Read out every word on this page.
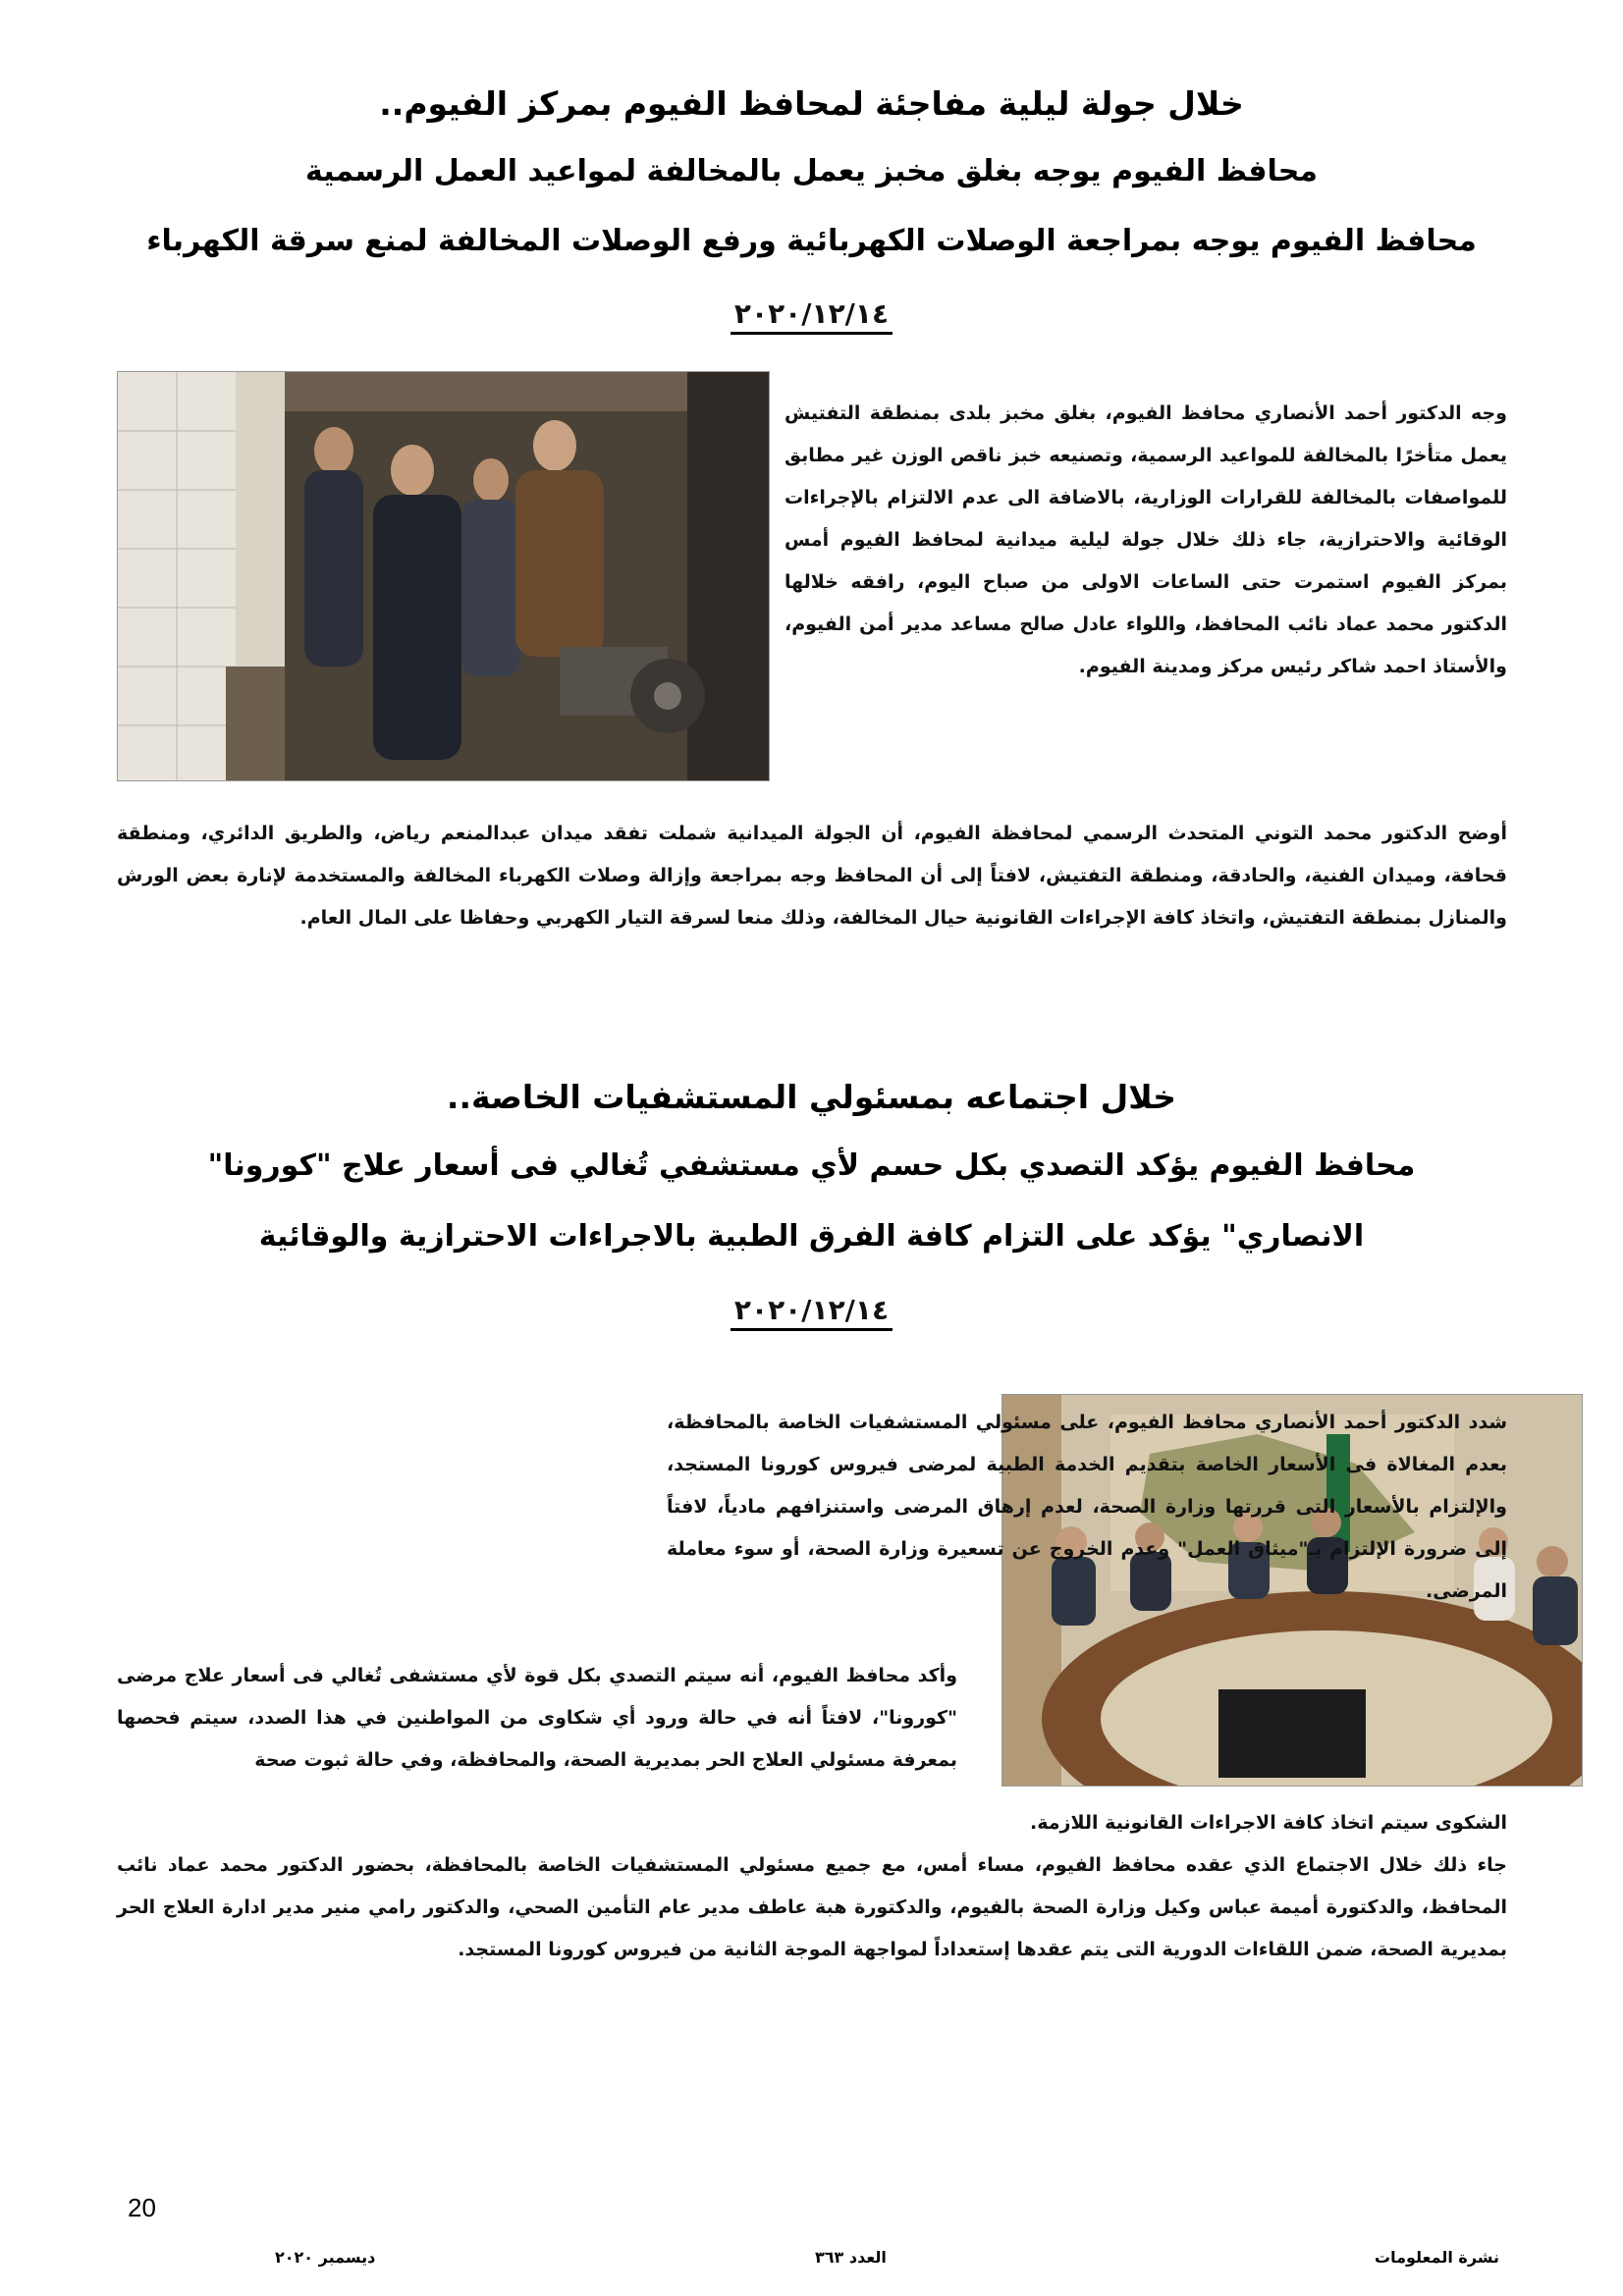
خلال جولة ليلية مفاجئة لمحافظ الفيوم بمركز الفيوم..
محافظ الفيوم يوجه بغلق مخبز يعمل بالمخالفة لمواعيد العمل الرسمية
محافظ الفيوم يوجه بمراجعة الوصلات الكهربائية ورفع الوصلات المخالفة لمنع سرقة الكهرباء
٢٠٢٠/١٢/١٤
وجه الدكتور أحمد الأنصاري محافظ الفيوم، بغلق مخبز بلدى بمنطقة التفتيش يعمل متأخرًا بالمخالفة للمواعيد الرسمية، وتصنيعه خبز ناقص الوزن غير مطابق للمواصفات بالمخالفة للقرارات الوزارية، بالاضافة الى عدم الالتزام بالإجراءات الوقائية والاحترازية، جاء ذلك خلال جولة ليلية ميدانية لمحافظ الفيوم أمس بمركز الفيوم استمرت حتى الساعات الاولى من صباح اليوم، رافقه خلالها الدكتور محمد عماد نائب المحافظ، واللواء عادل صالح مساعد مدير أمن الفيوم، والأستاذ احمد شاكر رئيس مركز ومدينة الفيوم.
أوضح الدكتور محمد التوني المتحدث الرسمي لمحافظة الفيوم، أن الجولة الميدانية شملت تفقد ميدان عبدالمنعم رياض، والطريق الدائري، ومنطقة قحافة، وميدان الفنية، والحادقة، ومنطقة التفتيش، لافتاً إلى أن المحافظ وجه بمراجعة وإزالة وصلات الكهرباء المخالفة والمستخدمة لإنارة بعض الورش والمنازل بمنطقة التفتيش، واتخاذ كافة الإجراءات القانونية حيال المخالفة، وذلك منعا لسرقة التيار الكهربي وحفاظا على المال العام.
خلال اجتماعه بمسئولي المستشفيات الخاصة..
محافظ الفيوم يؤكد التصدي بكل حسم لأي مستشفي تُغالي فى أسعار علاج "كورونا"
الانصاري" يؤكد على التزام كافة الفرق الطبية بالاجراءات الاحترازية والوقائية
٢٠٢٠/١٢/١٤
شدد الدكتور أحمد الأنصاري محافظ الفيوم، على مسئولي المستشفيات الخاصة بالمحافظة، بعدم المغالاة فى الأسعار الخاصة بتقديم الخدمة الطبية لمرضى فيروس كورونا المستجد، والإلتزام بالأسعار التى قررتها وزارة الصحة، لعدم إرهاق المرضى واستنزافهم مادياً، لافتاً إلى ضرورة الإلتزام بـ"ميثاق العمل" وعدم الخروج عن تسعيرة وزارة الصحة، أو سوء معاملة المرضى.
وأكد محافظ الفيوم، أنه سيتم التصدي بكل قوة لأي مستشفى تُغالي فى أسعار علاج مرضى "كورونا"، لافتاً أنه في حالة ورود أي شكاوى من المواطنين في هذا الصدد، سيتم فحصها بمعرفة مسئولي العلاج الحر بمديرية الصحة، والمحافظة، وفي حالة ثبوت صحة
الشكوى سيتم اتخاذ كافة الاجراءات القانونية اللازمة.
جاء ذلك خلال الاجتماع الذي عقده محافظ الفيوم، مساء أمس، مع جميع مسئولي المستشفيات الخاصة بالمحافظة، بحضور الدكتور محمد عماد نائب المحافظ، والدكتورة أميمة عباس وكيل وزارة الصحة بالفيوم، والدكتورة هبة عاطف مدير عام التأمين الصحي، والدكتور رامي منير مدير ادارة العلاج الحر بمديرية الصحة، ضمن اللقاءات الدورية التى يتم عقدها إستعداداً لمواجهة الموجة الثانية من فيروس كورونا المستجد.
20
نشرة المعلومات
العدد ٣٦٣
ديسمبر ٢٠٢٠
